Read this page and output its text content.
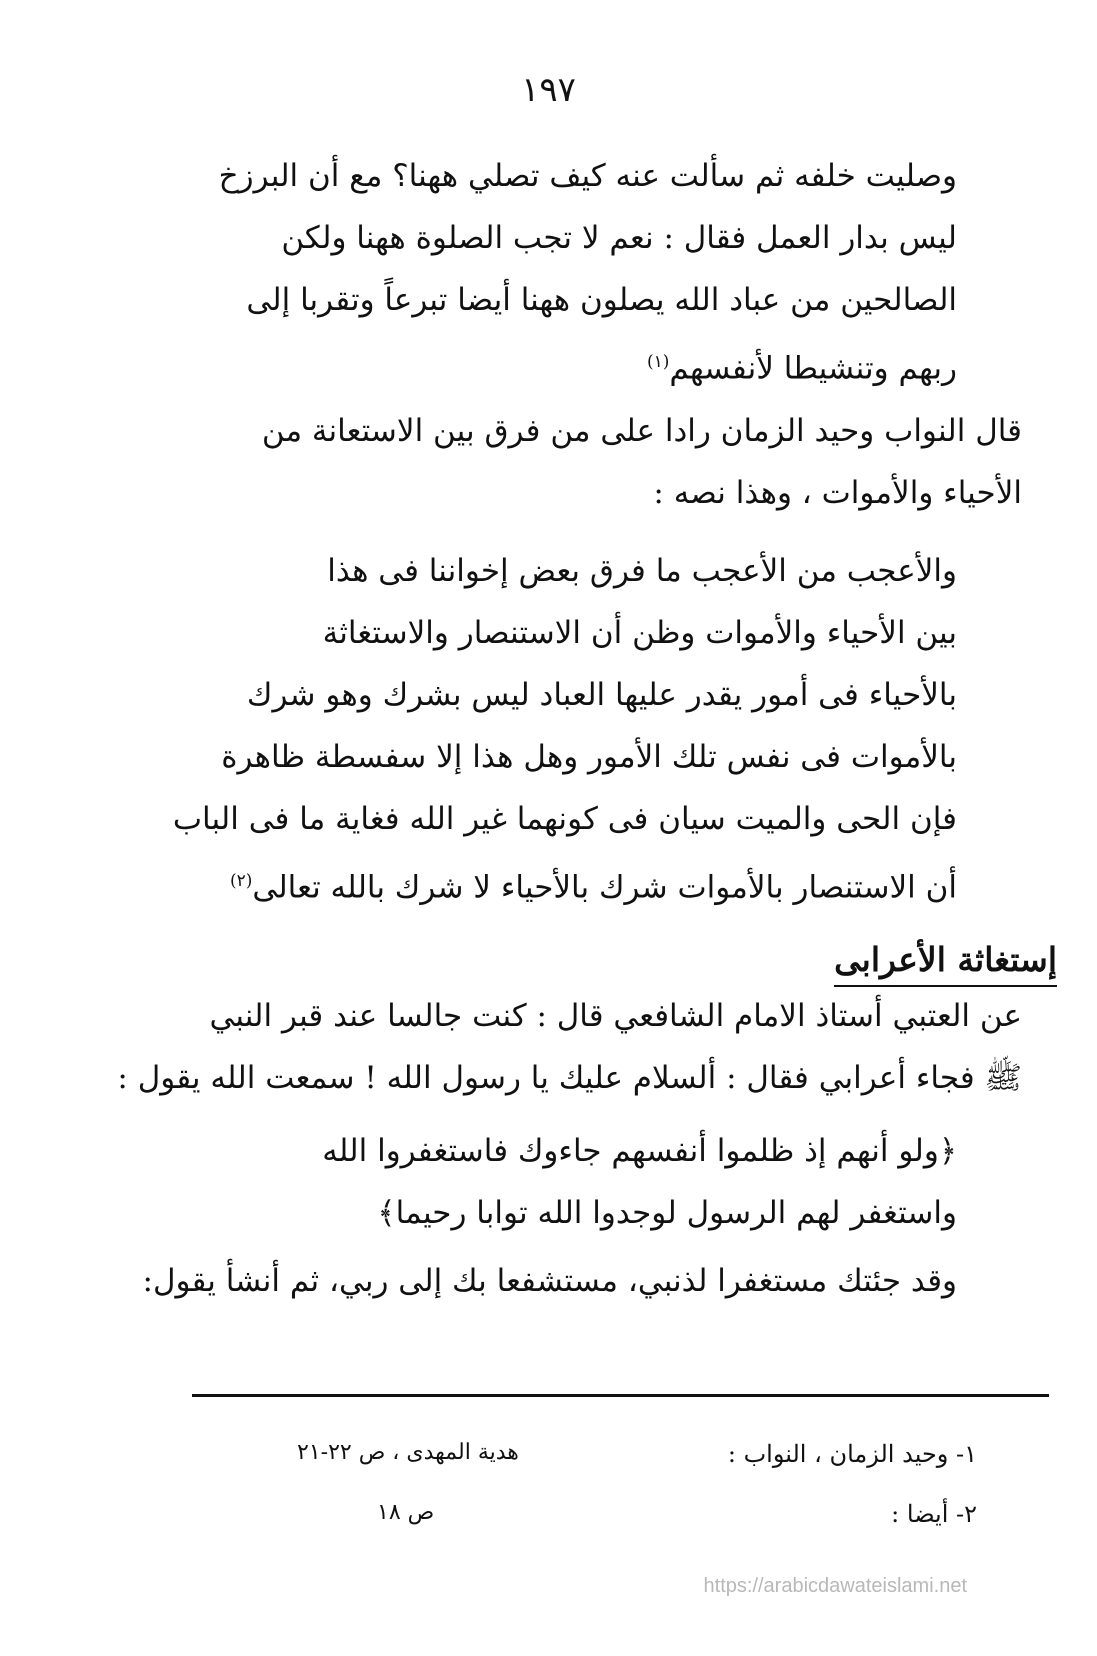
١٩٧

وصليت خلفه ثم سألت عنه كيف تصلي ههنا؟ مع أن البرزخ
ليس بدار العمل فقال : نعم لا تجب الصلوة ههنا ولكن
الصالحين من عباد الله يصلون ههنا أيضا تبرعاً وتقربا إلى
ربهم وتنشيطا لأنفسهم$^{(١)}$

قال النواب وحيد الزمان رادا على من فرق بين الاستعانة من
الأحياء والأموات ، وهذا نصه :

والأعجب من الأعجب ما فرق بعض إخواننا فى هذا
بين الأحياء والأموات وظن أن الاستنصار والاستغاثة
بالأحياء فى أمور يقدر عليها العباد ليس بشرك وهو شرك
بالأموات فى نفس تلك الأمور وهل هذا إلا سفسطة ظاهرة
فإن الحى والميت سيان فى كونهما غير الله فغاية ما فى الباب
أن الاستنصار بالأموات شرك بالأحياء لا شرك بالله تعالى$^{(٢)}$

إستغاثة الأعرابى

عن العتبي أستاذ الامام الشافعي قال : كنت جالسا عند قبر النبي
ﷺ فجاء أعرابي فقال : ألسلام عليك يا رسول الله ! سمعت الله يقول :

﴿ولو أنهم إذ ظلموا أنفسهم جاءوك فاستغفروا الله
واستغفر لهم الرسول لوجدوا الله توابا رحيما﴾

وقد جئتك مستغفرا لذنبي، مستشفعا بك إلى ربي، ثم أنشأ يقول:

١- وحيد الزمان ، النواب :
هدية المهدى ، ص ٢٢-٢١
٢- أيضا :
ص ١٨
https://arabicdawateislami.net
